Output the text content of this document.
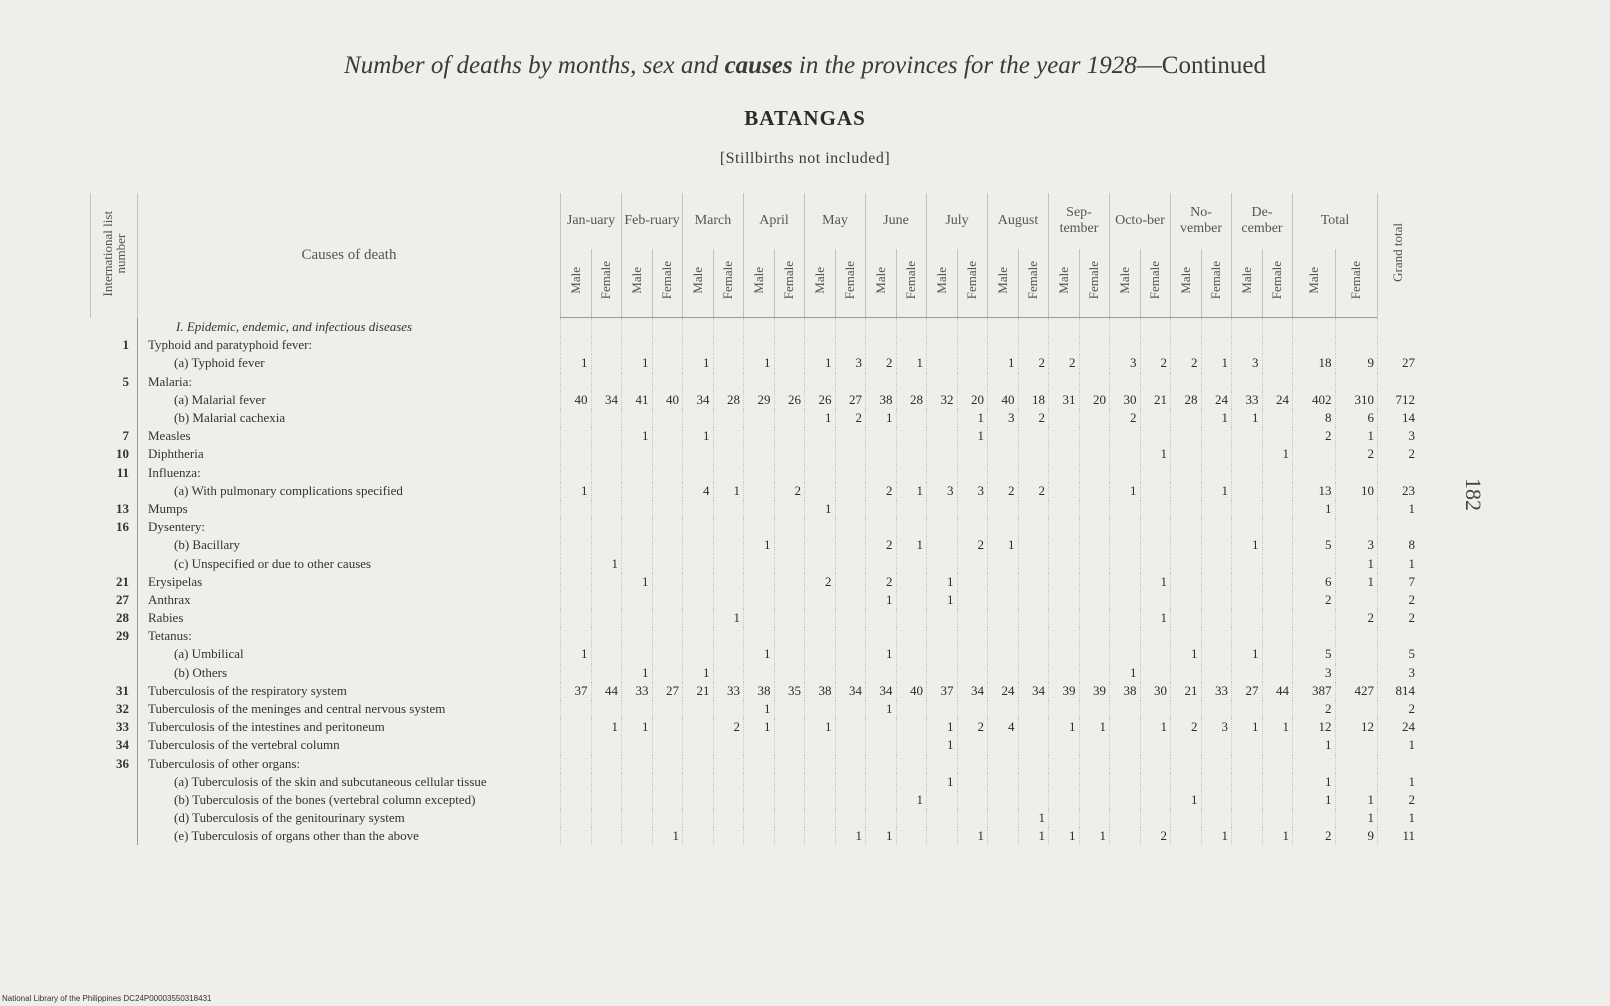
Number of deaths by months, sex and causes in the provinces for the year 1928—Continued
BATANGAS
[Stillbirths not included]
182
National Library of the Philippines DC24P00003550318431
International list number	Causes of death	Jan-uary		Feb-ruary		March		April		May		June		July		August		Sep-tember		Octo-ber		No-vember		De-cember		Total		Grand total
		Male	Female	Male	Female	Male	Female	Male	Female	Male	Female	Male	Female	Male	Female	Male	Female	Male	Female	Male	Female	Male	Female	Male	Female	Male	Female	
	I. Epidemic, endemic, and infectious diseases																											
1	Typhoid and paratyphoid fever:																											
	(a) Typhoid fever	1		1		1		1		1	3	2	1			1	2	2		3	2	2	1	3		18	9	27
5	Malaria:																											
	(a) Malarial fever	40	34	41	40	34	28	29	26	26	27	38	28	32	20	40	18	31	20	30	21	28	24	33	24	402	310	712
	(b) Malarial cachexia									1	2	1			1	3	2			2			1	1		8	6	14
7	Measles			1		1									1											2	1	3
10	Diphtheria																				1				1		2	2
11	Influenza:																											
	(a) With pulmonary complications specified	1				4	1		2			2	1	3	3	2	2			1			1			13	10	23
13	Mumps									1																1		1
16	Dysentery:																											
	(b) Bacillary							1				2	1		2	1								1		5	3	8
	(c) Unspecified or due to other causes		1																								1	1
21	Erysipelas			1						2		2		1							1					6	1	7
27	Anthrax											1		1												2		2
28	Rabies						1														1						2	2
29	Tetanus:																											
	(a) Umbilical	1						1				1										1		1		5		5
	(b) Others			1		1														1						3		3
31	Tuberculosis of the respiratory system	37	44	33	27	21	33	38	35	38	34	34	40	37	34	24	34	39	39	38	30	21	33	27	44	387	427	814
32	Tuberculosis of the meninges and central nervous system							1				1														2		2
33	Tuberculosis of the intestines and peritoneum		1	1			2	1		1				1	2	4		1	1		1	2	3	1	1	12	12	24
34	Tuberculosis of the vertebral column													1												1		1
36	Tuberculosis of other organs:																											
	(a) Tuberculosis of the skin and subcutaneous cellular tissue													1												1		1
	(b) Tuberculosis of the bones (vertebral column excepted)												1									1				1	1	2
	(d) Tuberculosis of the genitourinary system																1										1	1
	(e) Tuberculosis of organs other than the above				1						1	1			1		1	1	1		2		1		1	2	9	11
